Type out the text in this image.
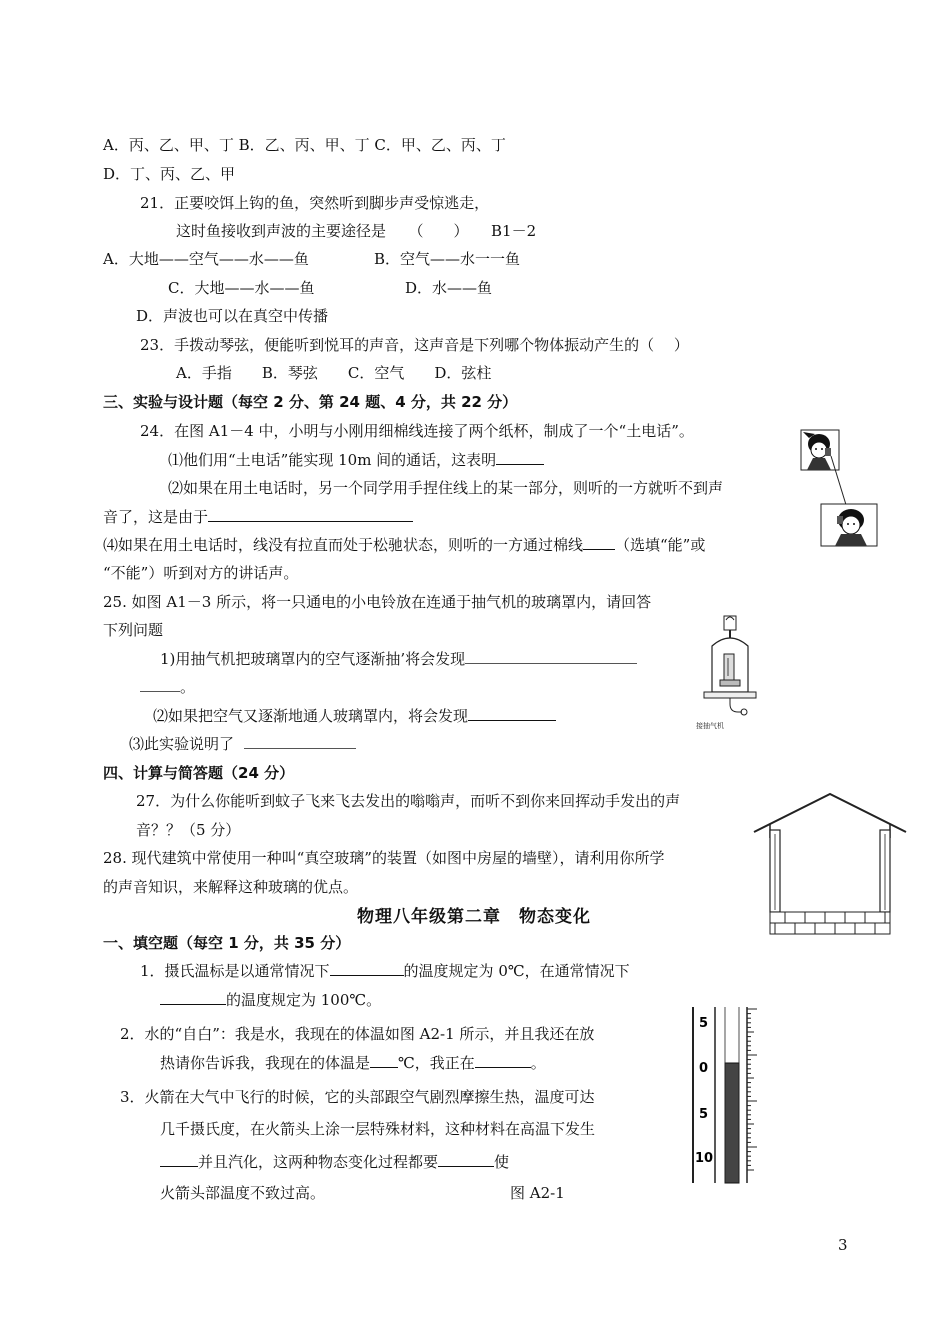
A．丙、乙、甲、丁 B．乙、丙、甲、丁 C．甲、乙、丙、丁
D．丁、丙、乙、甲
21．正要咬饵上钩的鱼，突然听到脚步声受惊逃走，
这时鱼接收到声波的主要途径是　　（　　）　　B1－2
A．大地——空气——水——鱼	B．空气——水一一鱼
C．大地——水——鱼	D．水——鱼
D．声波也可以在真空中传播
23．手拨动琴弦，便能听到悦耳的声音，这声音是下列哪个物体振动产生的（　 ）
A．手指　　B．琴弦　　C．空气　　D．弦柱
三、实验与设计题（每空 2 分、第 24 题、4 分，共 22 分）
24．在图 A1－4 中，小明与小刚用细棉线连接了两个纸杯，制成了一个“土电话”。
⑴他们用“土电话”能实现 10m 间的通话，这表明
⑵如果在用土电话时，另一个同学用手捏住线上的某一部分，则听的一方就听不到声
音了，这是由于
⑷如果在用土电话时，线没有拉直而处于松驰状态，则听的一方通过棉线 （选填“能”或
“不能”）听到对方的讲话声。
25. 如图 A1－3 所示，将一只通电的小电铃放在连通于抽气机的玻璃罩内，请回答
下列问题
1)用抽气机把玻璃罩内的空气逐渐抽’将会发现
。
⑵如果把空气又逐渐地通人玻璃罩内，将会发现
⑶此实验说明了
接抽气机
四、计算与简答题（24 分）
27．为什么你能听到蚊子飞来飞去发出的嗡嗡声，而听不到你来回挥动手发出的声
音？？（5 分）
28. 现代建筑中常使用一种叫“真空玻璃”的装置（如图中房屋的墙壁），请利用你所学
的声音知识，来解释这种玻璃的优点。
物理八年级第二章　物态变化
一、填空题（每空 1 分，共 35 分）
1．摄氏温标是以通常情况下	的温度规定为 0℃，在通常情况下
的温度规定为 100℃。
2．水的“自白”：我是水，我现在的体温如图 A2-1 所示，并且我还在放
热请你告诉我，我现在的体温是 ℃，我正在	。
3．火箭在大气中飞行的时候，它的头部跟空气剧烈摩擦生热，温度可达
几千摄氏度，在火箭头上涂一层特殊材料，这种材料在高温下发生
并且汽化，这两种物态变化过程都要	使
火箭头部温度不致过高。	图 A2-1
5
0
5
10
3
